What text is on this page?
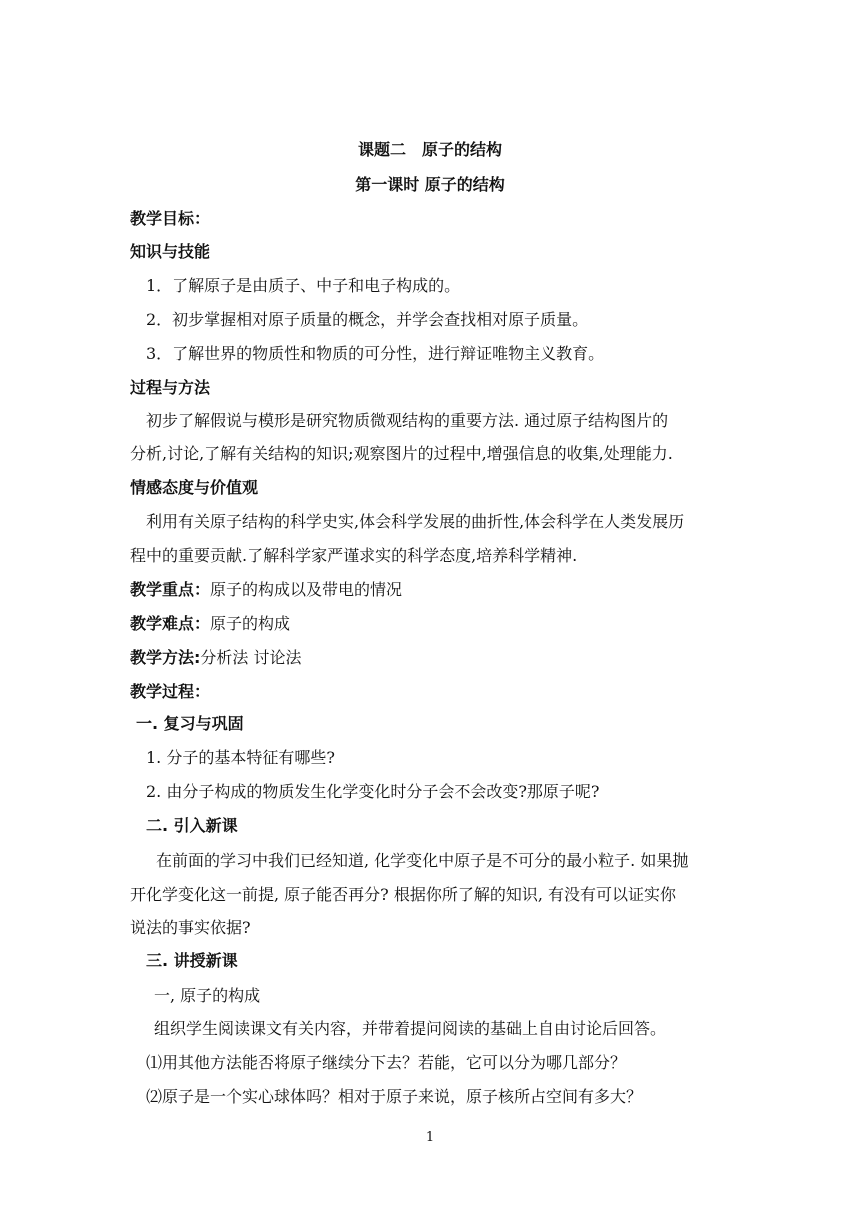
课题二　原子的结构
第一课时 原子的结构
教学目标：
知识与技能
1．了解原子是由质子、中子和电子构成的。
2．初步掌握相对原子质量的概念，并学会查找相对原子质量。
3．了解世界的物质性和物质的可分性，进行辩证唯物主义教育。
过程与方法
初步了解假说与模形是研究物质微观结构的重要方法. 通过原子结构图片的
分析,讨论,了解有关结构的知识;观察图片的过程中,增强信息的收集,处理能力.
情感态度与价值观
利用有关原子结构的科学史实,体会科学发展的曲折性,体会科学在人类发展历
程中的重要贡献.了解科学家严谨求实的科学态度,培养科学精神.
教学重点：原子的构成以及带电的情况
教学难点：原子的构成
教学方法:分析法 讨论法
教学过程：
一. 复习与巩固
1. 分子的基本特征有哪些?
2. 由分子构成的物质发生化学变化时分子会不会改变?那原子呢?
二. 引入新课
在前面的学习中我们已经知道, 化学变化中原子是不可分的最小粒子. 如果抛
开化学变化这一前提, 原子能否再分? 根据你所了解的知识, 有没有可以证实你
说法的事实依据?
三. 讲授新课
一, 原子的构成
组织学生阅读课文有关内容，并带着提问阅读的基础上自由讨论后回答。
⑴用其他方法能否将原子继续分下去？若能，它可以分为哪几部分？
⑵原子是一个实心球体吗？相对于原子来说，原子核所占空间有多大？
1
